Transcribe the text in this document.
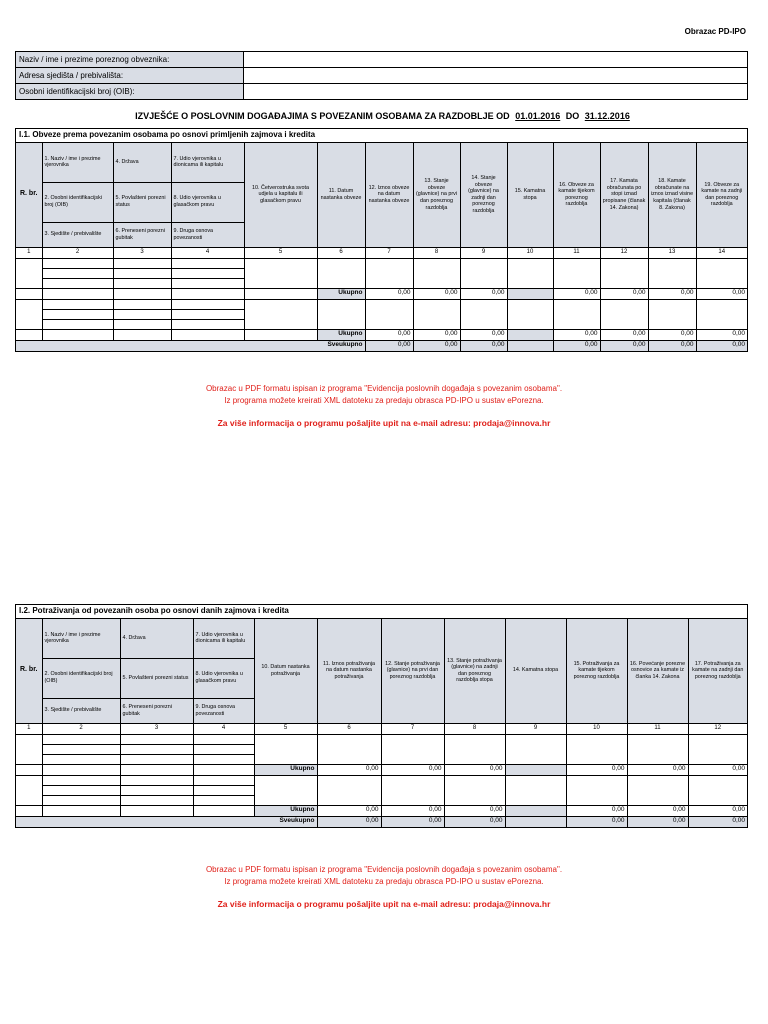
Obrazac PD-IPO
Naziv / ime i prezime poreznog obveznika:	
Adresa sjedišta / prebivališta:	
Osobni identifikacijski broj (OIB):	
IZVJEŠĆE O POSLOVNIM DOGAĐAJIMA S POVEZANIM OSOBAMA ZA RAZDOBLJE OD 01.01.2016 DO 31.12.2016
I.1. Obveze prema povezanim osobama po osnovi primljenih zajmova i kredita
R. br.	1. Naziv / ime i prezime vjerovnika	4. Država	7. Udio vjerovnika u dionicama ili kapitalu	10. Četverostruka svota udjela u kapitalu ili glasačkom pravu	11. Datum nastanka obveze	12. Iznos obveze na datum nastanka obveze	13. Stanje obveze (glavnice) na prvi dan poreznog razdoblja	14. Stanje obveze (glavnice) na zadnji dan poreznog razdoblja	15. Kamatna stopa	16. Obveze za kamate tijekom poreznog razdoblja	17. Kamata obračunata po stopi iznad propisane (članak 14. Zakona)	18. Kamate obračunate na iznos iznad visine kapitala (članak 8. Zakona)	19. Obveze za kamate na zadnji dan poreznog razdoblja
	2. Osobni identifikacijski broj (OIB)	5. Povlašteni porezni status	8. Udio vjerovnika u glasačkom pravu										
	3. Sjedište / prebivalište	6. Preneseni porezni gubitak	9. Druga osnova povezanosti										
1	2	3	4	5	6	7	8	9	10	11	12	13	14

					Ukupno	0,00	0,00	0,00		0,00	0,00	0,00	0,00

					Ukupno	0,00	0,00	0,00		0,00	0,00	0,00	0,00
Sveukupno						0,00	0,00	0,00		0,00	0,00	0,00	0,00
Obrazac u PDF formatu ispisan iz programa "Evidencija poslovnih događaja s povezanim osobama".
Iz programa možete kreirati XML datoteku za predaju obrasca PD-IPO u sustav ePorezna.
Za više informacija o programu pošaljite upit na e-mail adresu: prodaja@innova.hr
I.2. Potraživanja od povezanih osoba po osnovi danih zajmova i kredita
R. br.	1. Naziv / ime i prezime vjerovnika	4. Država	7. Udio vjerovnika u dionicama ili kapitalu	10. Datum nastanka potraživanja	11. Iznos potraživanja na datum nastanka potraživanja	12. Stanje potraživanja (glavnice) na prvi dan poreznog razdoblja	13. Stanje potraživanja (glavnice) na zadnji dan poreznog razdoblja stopa	14. Kamatna stopa	15. Potraživanja za kamate tijekom poreznog razdoblja	16. Povećanje porezne osnovice za kamate iz članka 14. Zakona	17. Potraživanja za kamate na zadnji dan poreznog razdoblja
	2. Osobni identifikacijski broj (OIB)	5. Povlašteni porezni status	8. Udio vjerovnika u glasačkom pravu								
	3. Sjedište / prebivalište	6. Preneseni porezni gubitak	9. Druga osnova povezanosti								
1	2	3	4	5	6	7	8	9	10	11	12

				Ukupno	0,00	0,00	0,00		0,00	0,00	0,00

				Ukupno	0,00	0,00	0,00		0,00	0,00	0,00
Sveukupno					0,00	0,00	0,00		0,00	0,00	0,00
Obrazac u PDF formatu ispisan iz programa "Evidencija poslovnih događaja s povezanim osobama".
Iz programa možete kreirati XML datoteku za predaju obrasca PD-IPO u sustav ePorezna.
Za više informacija o programu pošaljite upit na e-mail adresu: prodaja@innova.hr
